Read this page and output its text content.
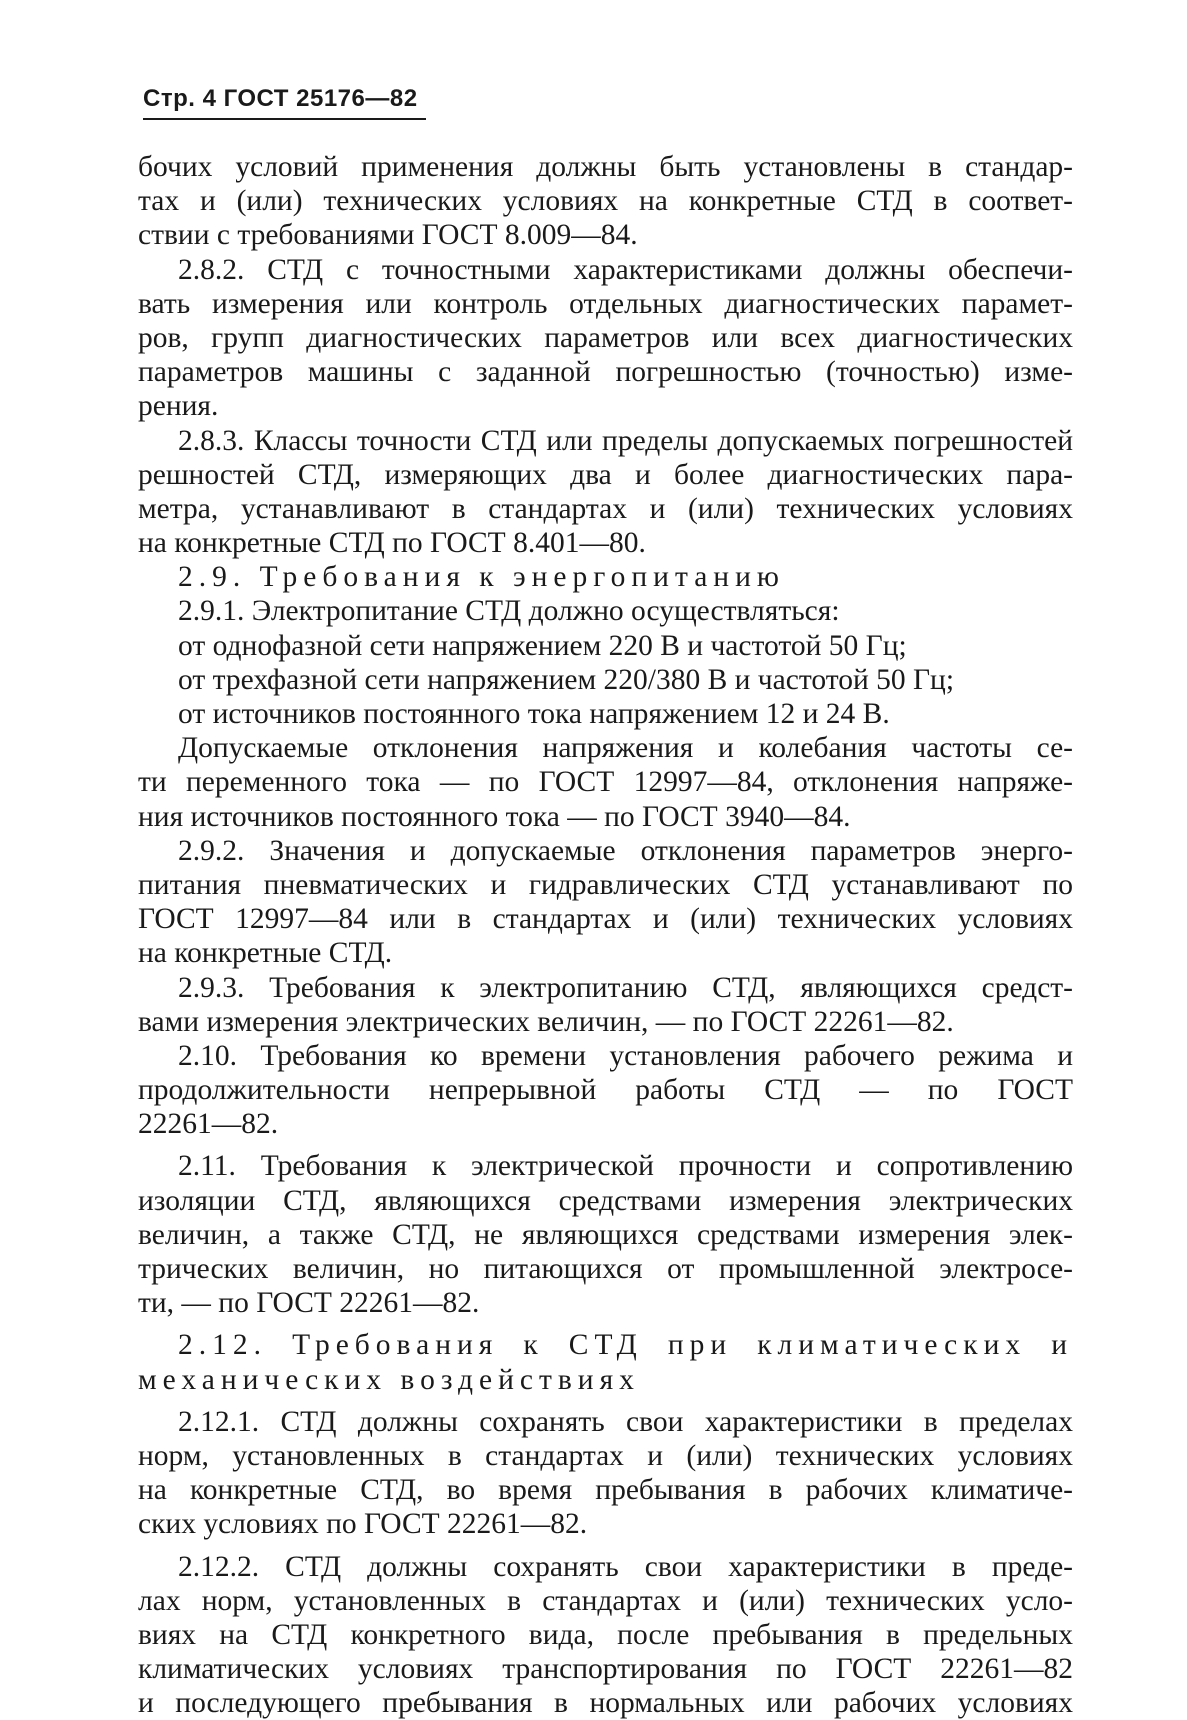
Стр. 4 ГОСТ 25176—82
бочих условий применения должны быть установлены в стандар-
тах и (или) технических условиях на конкретные СТД в соответ-
ствии с требованиями ГОСТ 8.009—84.
2.8.2. СТД с точностными характеристиками должны обеспечи-
вать измерения или контроль отдельных диагностических парамет-
ров, групп диагностических параметров или всех диагностических
параметров машины с заданной погрешностью (точностью) изме-
рения.
2.8.3. Классы точности СТД или пределы допускаемых погрешностей
решностей СТД, измеряющих два и более диагностических пара-
метра, устанавливают в стандартах и (или) технических условиях
на конкретные СТД по ГОСТ 8.401—80.
2.9. Требования к энергопитанию
2.9.1. Электропитание СТД должно осуществляться:
от однофазной сети напряжением 220 В и частотой 50 Гц;
от трехфазной сети напряжением 220/380 В и частотой 50 Гц;
от источников постоянного тока напряжением 12 и 24 В.
Допускаемые отклонения напряжения и колебания частоты се-
ти переменного тока — по ГОСТ 12997—84, отклонения напряже-
ния источников постоянного тока — по ГОСТ 3940—84.
2.9.2. Значения и допускаемые отклонения параметров энерго-
питания пневматических и гидравлических СТД устанавливают по
ГОСТ 12997—84 или в стандартах и (или) технических условиях
на конкретные СТД.
2.9.3. Требования к электропитанию СТД, являющихся средст-
вами измерения электрических величин, — по ГОСТ 22261—82.
2.10. Требования ко времени установления рабочего режима и
продолжительности непрерывной работы СТД — по ГОСТ
22261—82.
2.11. Требования к электрической прочности и сопротивлению
изоляции СТД, являющихся средствами измерения электрических
величин, а также СТД, не являющихся средствами измерения элек-
трических величин, но питающихся от промышленной электросе-
ти, — по ГОСТ 22261—82.
2.12. Требования к СТД при климатических и
механических воздействиях
2.12.1. СТД должны сохранять свои характеристики в пределах
норм, установленных в стандартах и (или) технических условиях
на конкретные СТД, во время пребывания в рабочих климатиче-
ских условиях по ГОСТ 22261—82.
2.12.2. СТД должны сохранять свои характеристики в преде-
лах норм, установленных в стандартах и (или) технических усло-
виях на СТД конкретного вида, после пребывания в предельных
климатических условиях транспортирования по ГОСТ 22261—82
и последующего пребывания в нормальных или рабочих условиях
